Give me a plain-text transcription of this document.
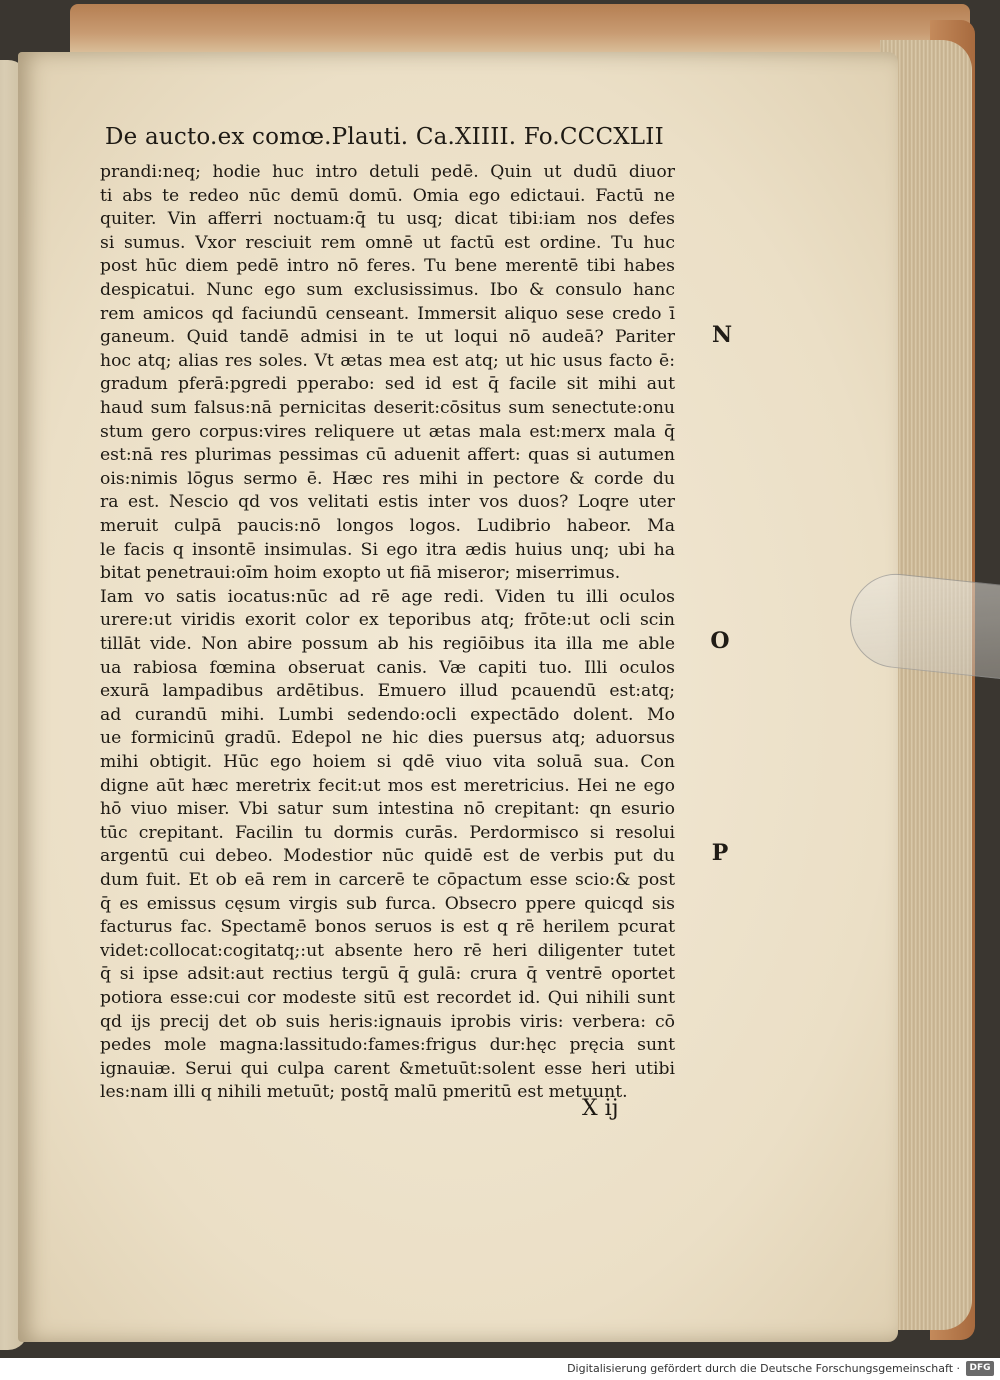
De aucto.ex comœ.Plauti. Ca.XIIII. Fo.CCCXLII
prandi:neq; hodie huc intro detuli pedē. Quin ut dudū diuor
ti abs te redeo nūc demū domū. Omia ego edictaui. Factū ne
quiter. Vin afferri noctuam:q̄ tu usq; dicat tibi:iam nos defes
si sumus. Vxor resciuit rem omnē ut factū est ordine. Tu huc
post hūc diem pedē intro nō feres. Tu bene merentē tibi habes
despicatui. Nunc ego sum exclusissimus. Ibo & consulo hanc
rem amicos qd faciundū censeant. Immersit aliquo sese credo ī
ganeum. Quid tandē admisi in te ut loqui nō audeā? Pariter
hoc atq; alias res soles. Vt ætas mea est atq; ut hic usus facto ē:
gradum pferā:pgredi pperabo: sed id est q̄ facile sit mihi aut
haud sum falsus:nā pernicitas deserit:cōsitus sum senectute:onu
stum gero corpus:vires reliquere ut ætas mala est:merx mala q̄
est:nā res plurimas pessimas cū aduenit affert: quas si autumen
ois:nimis lōgus sermo ē. Hæc res mihi in pectore & corde du
ra est. Nescio qd vos velitati estis inter vos duos? Loqre uter
meruit culpā paucis:nō longos logos. Ludibrio habeor. Ma
le facis q insontē insimulas. Si ego itra ædis huius unq; ubi ha
bitat penetraui:oīm hoim exopto ut fiā miseror; miserrimus.
Iam vo satis iocatus:nūc ad rē age redi. Viden tu illi oculos
urere:ut viridis exorit color ex teporibus atq; frōte:ut ocli scin
tillāt vide. Non abire possum ab his regiōibus ita illa me able
ua rabiosa fœmina obseruat canis. Væ capiti tuo. Illi oculos
exurā lampadibus ardētibus. Emuero illud pcauendū est:atq;
ad curandū mihi. Lumbi sedendo:ocli expectādo dolent. Mo
ue formicinū gradū. Edepol ne hic dies puersus atq; aduorsus
mihi obtigit. Hūc ego hoiem si qdē viuo vita soluā sua. Con
digne aūt hæc meretrix fecit:ut mos est meretricius. Hei ne ego
hō viuo miser. Vbi satur sum intestina nō crepitant: qn esurio
tūc crepitant. Facilin tu dormis curās. Perdormisco si resolui
argentū cui debeo. Modestior nūc quidē est de verbis put du
dum fuit. Et ob eā rem in carcerē te cōpactum esse scio:& post
q̄ es emissus cęsum virgis sub furca. Obsecro ppere quicqd sis
facturus fac. Spectamē bonos seruos is est q rē herilem pcurat
videt:collocat:cogitatq;:ut absente hero rē heri diligenter tutet
q̄ si ipse adsit:aut rectius tergū q̄ gulā: crura q̄ ventrē oportet
potiora esse:cui cor modeste sitū est recordet id. Qui nihili sunt
qd ijs precij det ob suis heris:ignauis iprobis viris: verbera: cō
pedes mole magna:lassitudo:fames:frigus dur:hęc pręcia sunt
ignauiæ. Serui qui culpa carent &metuūt:solent esse heri utibi
les:nam illi q nihili metuūt; postq̄ malū pmeritū est metuunt.
X ij
N
O
P
Digitalisierung gefördert durch die Deutsche Forschungsgemeinschaft ·	DFG
